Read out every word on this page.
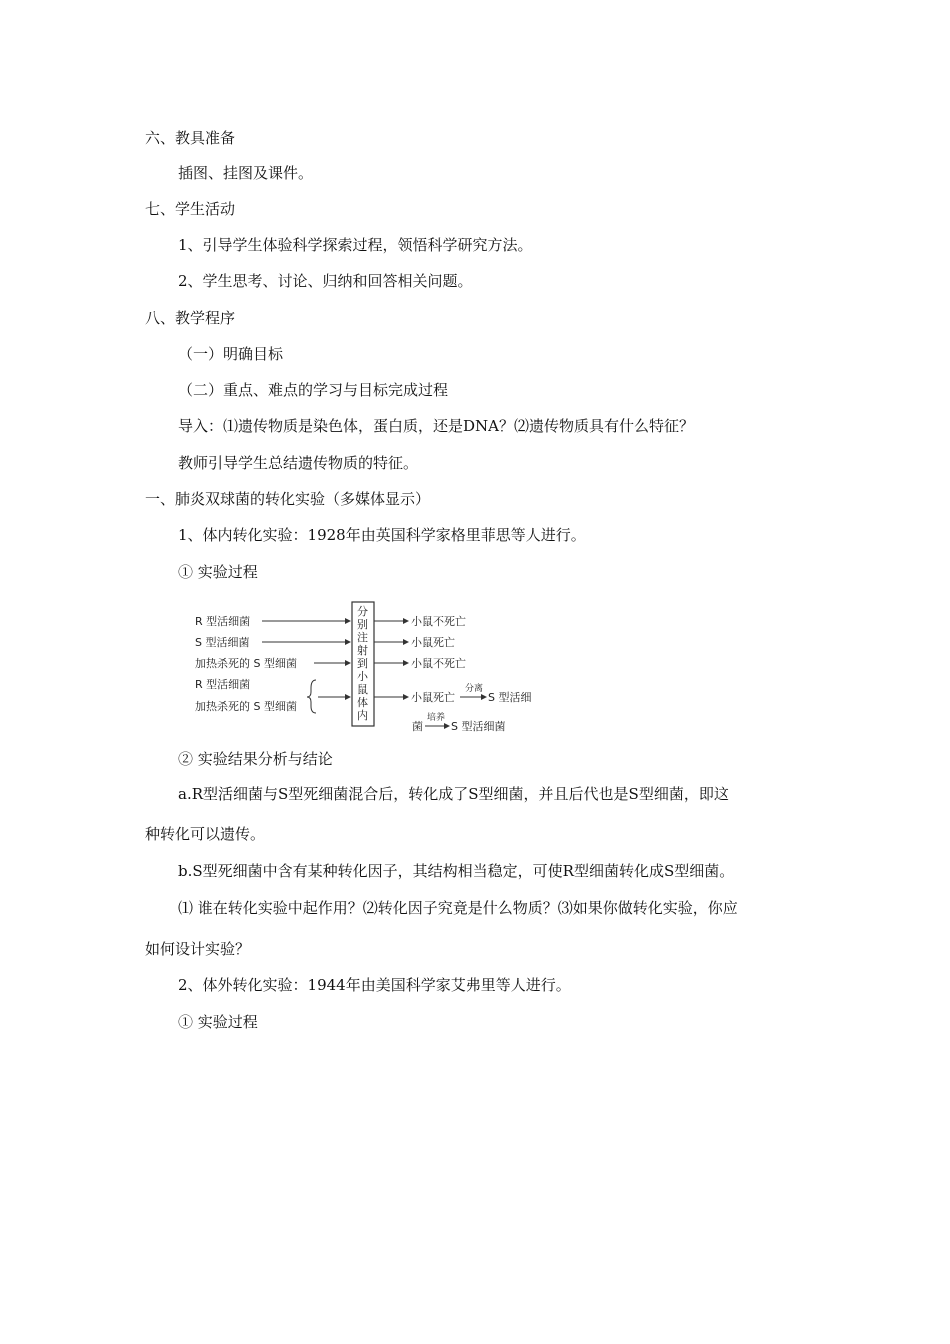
六、教具准备
插图、挂图及课件。
七、学生活动
1、引导学生体验科学探索过程，领悟科学研究方法。
2、学生思考、讨论、归纳和回答相关问题。
八、教学程序
（一）明确目标
（二）重点、难点的学习与目标完成过程
导入：⑴遗传物质是染色体，蛋白质，还是DNA？⑵遗传物质具有什么特征？
教师引导学生总结遗传物质的特征。
一、肺炎双球菌的转化实验（多媒体显示）
1、体内转化实验：1928年由英国科学家格里菲思等人进行。
① 实验过程
R 型活细菌
S 型活细菌
加热杀死的 S 型细菌
R 型活细菌
加热杀死的 S 型细菌
分
别
注
射
到
小
鼠
体
内
小鼠不死亡
小鼠死亡
小鼠不死亡
小鼠死亡
分离
S 型活细
菌
培养
S 型活细菌
② 实验结果分析与结论
a.R型活细菌与S型死细菌混合后，转化成了S型细菌，并且后代也是S型细菌，即这
种转化可以遗传。
b.S型死细菌中含有某种转化因子，其结构相当稳定，可使R型细菌转化成S型细菌。
⑴ 谁在转化实验中起作用？⑵转化因子究竟是什么物质？⑶如果你做转化实验，你应
如何设计实验？
2、体外转化实验：1944年由美国科学家艾弗里等人进行。
① 实验过程
